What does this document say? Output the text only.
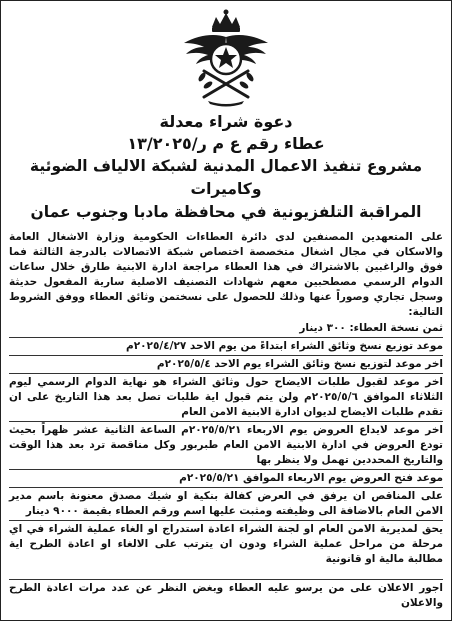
دعوة شراء معدلة

عطاء رقم ع م ر/١٣/٢٠٢٥

مشروع تنفيذ الاعمال المدنية لشبكة الالياف الضوئية وكاميرات

المراقبة التلفزيونية في محافظة مادبا وجنوب عمان

على المتعهدين المصنفين لدى دائرة العطاءات الحكومية وزارة الاشغال العامة والاسكان في مجال اشغال متخصصة اختصاص شبكة الاتصالات بالدرجة الثالثة فما فوق والراغبين بالاشتراك في هذا العطاء مراجعة ادارة الابنية طارق خلال ساعات الدوام الرسمي مصطحبين معهم شهادات التصنيف الاصلية سارية المفعول حديثة وسجل تجاري وصوراً عنها وذلك للحصول على نسختمن وثائق العطاء ووفق الشروط التالية:

ثمن نسخة العطاء: ٣٠٠ دينار
موعد توزيع نسخ وثائق الشراء ابتداءً من يوم الاحد ٢٠٢٥/٤/٢٧م
اخر موعد لتوزيع نسخ وثائق الشراء يوم الاحد ٢٠٢٥/٥/٤م
اخر موعد لقبول طلبات الايضاح حول وثائق الشراء هو نهاية الدوام الرسمي ليوم الثلاثاء الموافق ٢٠٢٥/٥/٦م ولن يتم قبول اية طلبات تصل بعد هذا التاريخ على ان تقدم طلبات الايضاح لديوان ادارة الابنية الامن العام
اخر موعد لايداع العروض يوم الاربعاء ٢٠٢٥/٥/٢١م الساعة الثانية عشر ظهراً بحيث تودع العروض في ادارة الابنية الامن العام طبربور وكل مناقصة ترد بعد هذا الوقت والتاريخ المحددين تهمل ولا ينظر بها
موعد فتح العروض يوم الاربعاء الموافق ٢٠٢٥/٥/٢١م
على المناقص ان يرفق في العرض كفالة بنكية او شيك مصدق معنونة باسم مدير الامن العام بالاضافة الى وظيفته ومثبت عليها اسم ورقم العطاء بقيمة ٩٠٠٠ دينار
يحق لمديرية الامن العام او لجنة الشراء اعادة استدراج او الغاء عملية الشراء في اي مرحلة من مراحل عملية الشراء ودون ان يترتب على الالغاء او اعادة الطرح اية مطالبة مالية او قانونية

اجور الاعلان على من يرسو عليه العطاء وبغض النظر عن عدد مرات اعادة الطرح والاعلان
